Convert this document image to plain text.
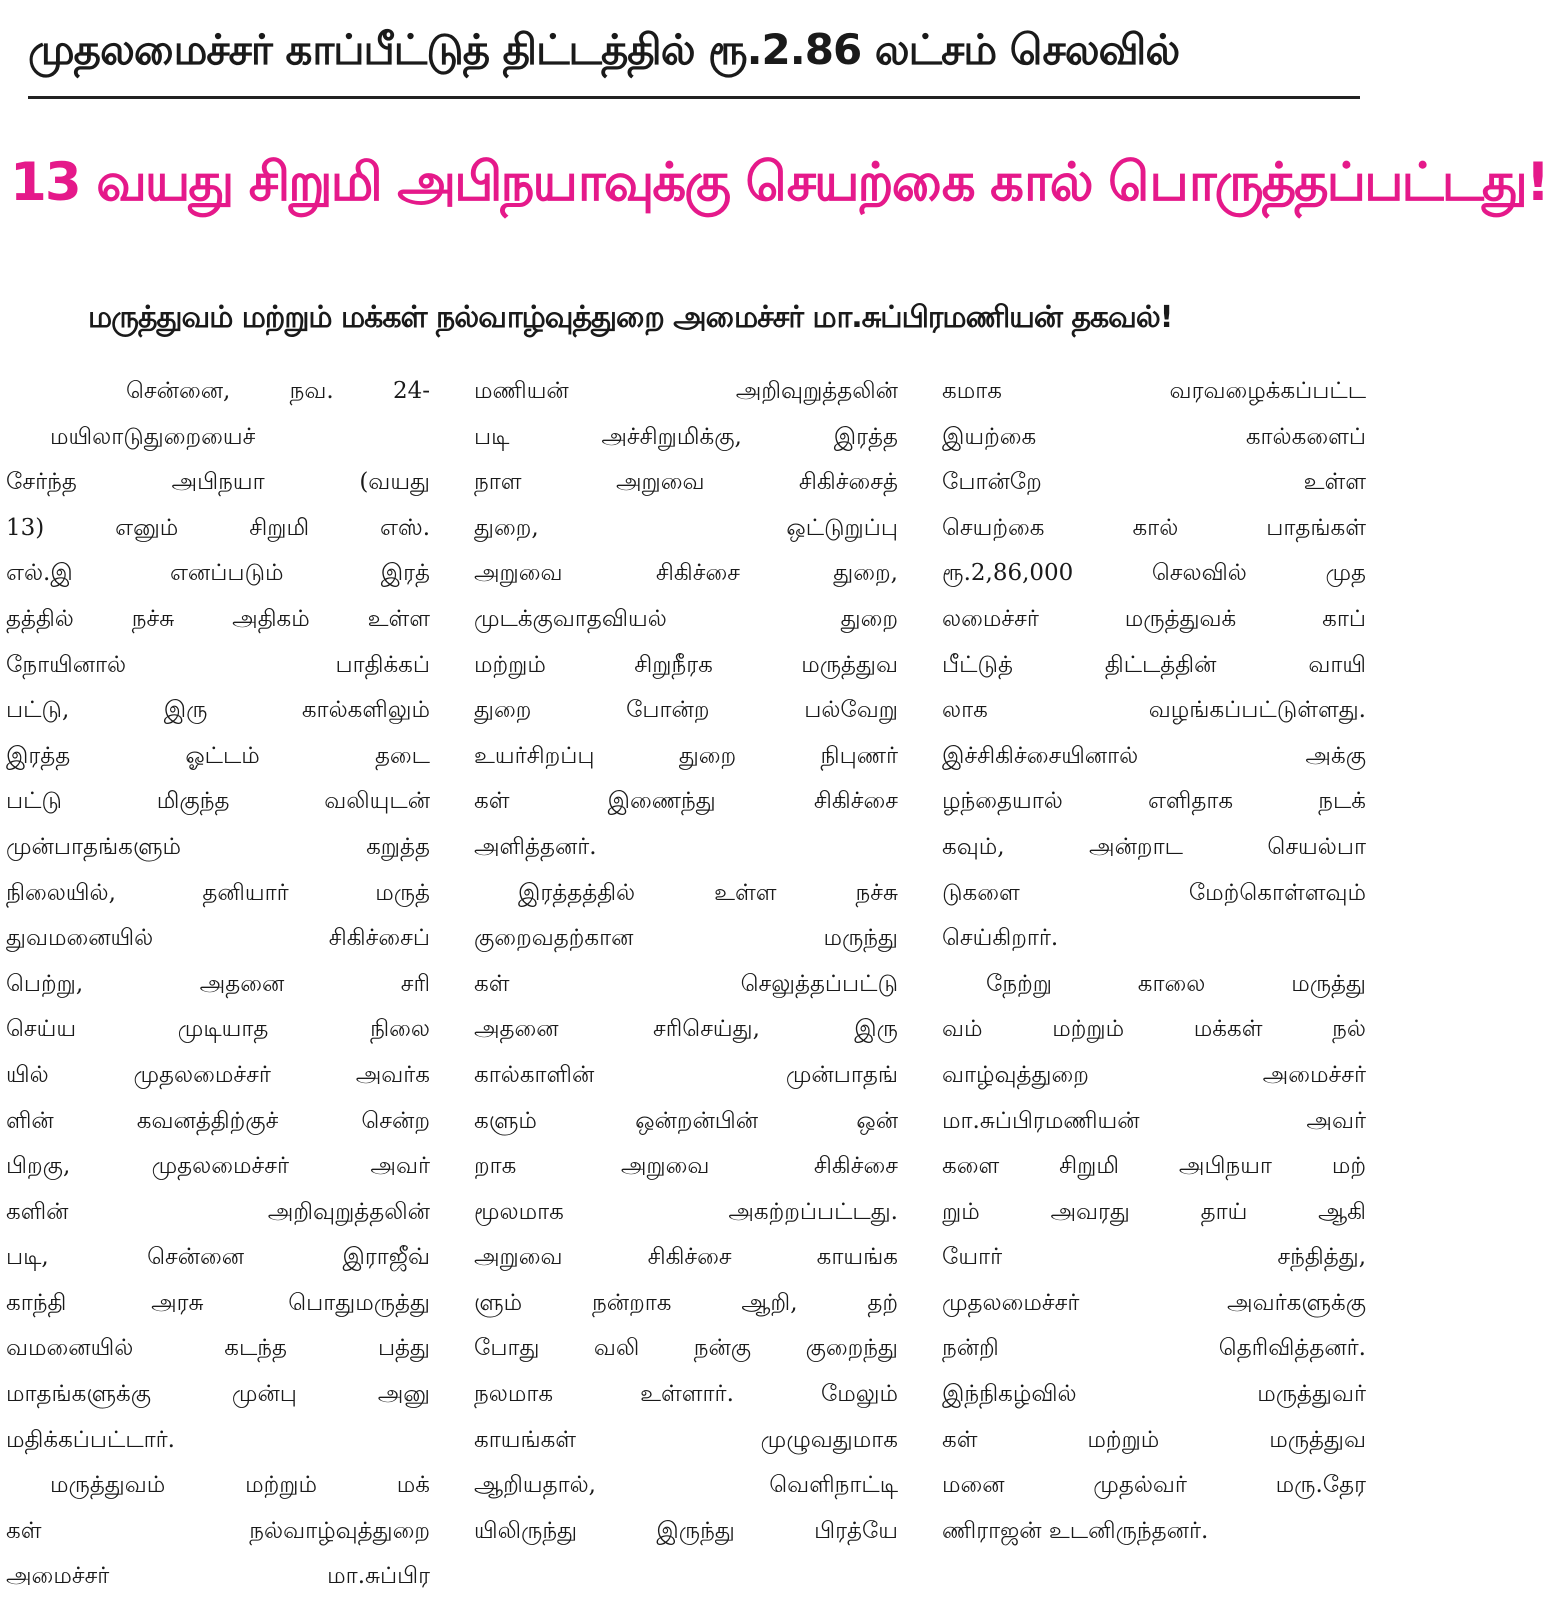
முதலமைச்சர் காப்பீட்டுத் திட்டத்தில் ரூ.2.86 லட்சம் செலவில்
13 வயது சிறுமி அபிநயாவுக்கு செயற்கை கால் பொருத்தப்பட்டது!
மருத்துவம் மற்றும் மக்கள் நல்வாழ்வுத்துறை அமைச்சர் மா.சுப்பிரமணியன் தகவல்!
சென்னை, நவ. 24-
மயிலாடுதுறையைச்
சேர்ந்த அபிநயா (வயது
13) எனும் சிறுமி எஸ்.
எல்.இ எனப்படும் இரத்
தத்தில் நச்சு அதிகம் உள்ள
நோயினால் பாதிக்கப்
பட்டு, இரு கால்களிலும்
இரத்த ஓட்டம் தடை
பட்டு மிகுந்த வலியுடன்
முன்பாதங்களும் கறுத்த
நிலையில், தனியார் மருத்
துவமனையில் சிகிச்சைப்
பெற்று, அதனை சரி
செய்ய முடியாத நிலை
யில் முதலமைச்சர் அவர்க
ளின் கவனத்திற்குச் சென்ற
பிறகு, முதலமைச்சர் அவர்
களின் அறிவுறுத்தலின்
படி, சென்னை இராஜீவ்
காந்தி அரசு பொதுமருத்து
வமனையில் கடந்த பத்து
மாதங்களுக்கு முன்பு அனு
மதிக்கப்பட்டார்.
மருத்துவம் மற்றும் மக்
கள் நல்வாழ்வுத்துறை
அமைச்சர் மா.சுப்பிர
மணியன் அறிவுறுத்தலின்
படி அச்சிறுமிக்கு, இரத்த
நாள அறுவை சிகிச்சைத்
துறை, ஒட்டுறுப்பு
அறுவை சிகிச்சை துறை,
முடக்குவாதவியல் துறை
மற்றும் சிறுநீரக மருத்துவ
துறை போன்ற பல்வேறு
உயர்சிறப்பு துறை நிபுணர்
கள் இணைந்து சிகிச்சை
அளித்தனர்.
இரத்தத்தில் உள்ள நச்சு
குறைவதற்கான மருந்து
கள் செலுத்தப்பட்டு
அதனை சரிசெய்து, இரு
கால்காளின் முன்பாதங்
களும் ஒன்றன்பின் ஒன்
றாக அறுவை சிகிச்சை
மூலமாக அகற்றப்பட்டது.
அறுவை சிகிச்சை காயங்க
ளும் நன்றாக ஆறி, தற்
போது வலி நன்கு குறைந்து
நலமாக உள்ளார். மேலும்
காயங்கள் முழுவதுமாக
ஆறியதால், வெளிநாட்டி
யிலிருந்து இருந்து பிரத்யே
கமாக வரவழைக்கப்பட்ட
இயற்கை கால்களைப்
போன்றே உள்ள
செயற்கை கால் பாதங்கள்
ரூ.2,86,000 செலவில் முத
லமைச்சர் மருத்துவக் காப்
பீட்டுத் திட்டத்தின் வாயி
லாக வழங்கப்பட்டுள்ளது.
இச்சிகிச்சையினால் அக்கு
ழந்தையால் எளிதாக நடக்
கவும், அன்றாட செயல்பா
டுகளை மேற்கொள்ளவும்
செய்கிறார்.
நேற்று காலை மருத்து
வம் மற்றும் மக்கள் நல்
வாழ்வுத்துறை அமைச்சர்
மா.சுப்பிரமணியன் அவர்
களை சிறுமி அபிநயா மற்
றும் அவரது தாய் ஆகி
யோர் சந்தித்து,
முதலமைச்சர் அவர்களுக்கு
நன்றி தெரிவித்தனர்.
இந்நிகழ்வில் மருத்துவர்
கள் மற்றும் மருத்துவ
மனை முதல்வர் மரு.தேர
ணிராஜன் உடனிருந்தனர்.
